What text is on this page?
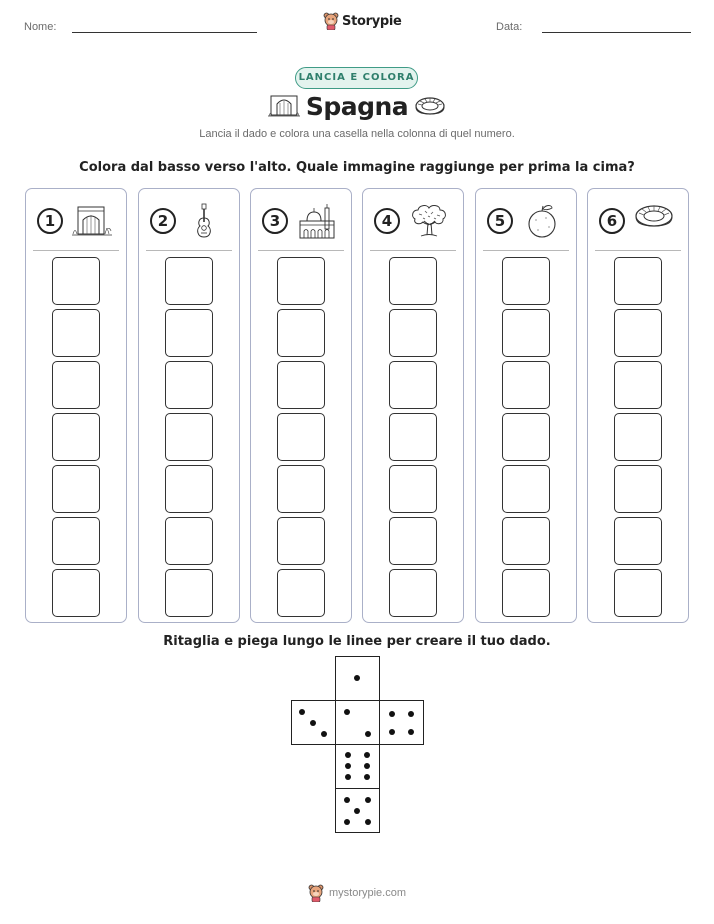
Nome:	Storypie	Data:
LANCIA E COLORA
Spagna
Lancia il dado e colora una casella nella colonna di quel numero.
Colora dal basso verso l'alto. Quale immagine raggiunge per prima la cima?
1	2	3	4	5	6
Ritaglia e piega lungo le linee per creare il tuo dado.
mystorypie.com
